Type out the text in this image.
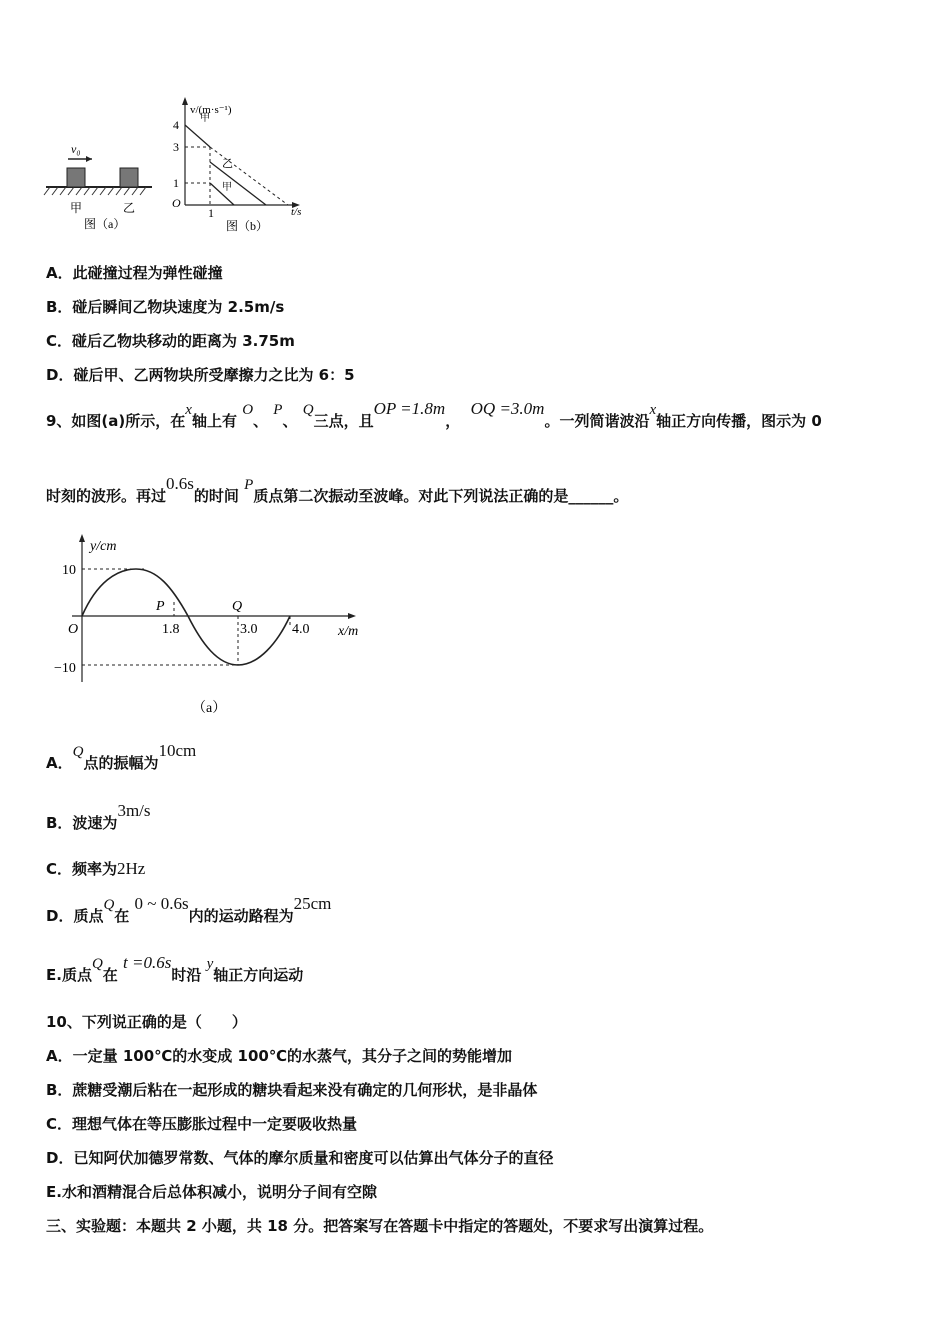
v₀
甲	乙
图（a）
v/(m·s⁻¹)
t/s
O
4
3
1
1
甲
乙
甲
图（b）
A．此碰撞过程为弹性碰撞
B．碰后瞬间乙物块速度为 2.5m/s
C．碰后乙物块移动的距离为 3.75m
D．碰后甲、乙两物块所受摩擦力之比为 6：5
9、如图(a)所示，在x轴上有 O、 P、 Q三点，且OP =1.8m，  OQ =3.0m。一列简谐波沿x轴正方向传播，图示为 0
时刻的波形。再过0.6s的时间 P质点第二次振动至波峰。对此下列说法正确的是______。
y/cm
x/m
O
10
−10
P	Q
1.8	3.0 4.0
（a）
A．Q点的振幅为10cm
B．波速为3m/s
C．频率为2Hz
D．质点Q在 0 ~ 0.6s内的运动路程为25cm
E.质点Q在 t =0.6s时沿 y轴正方向运动
10、下列说正确的是（　　）
A．一定量 100℃的水变成 100℃的水蒸气，其分子之间的势能增加
B．蔗糖受潮后粘在一起形成的糖块看起来没有确定的几何形状，是非晶体
C．理想气体在等压膨胀过程中一定要吸收热量
D．已知阿伏加德罗常数、气体的摩尔质量和密度可以估算出气体分子的直径
E.水和酒精混合后总体积减小，说明分子间有空隙
三、实验题：本题共 2 小题，共 18 分。把答案写在答题卡中指定的答题处，不要求写出演算过程。
